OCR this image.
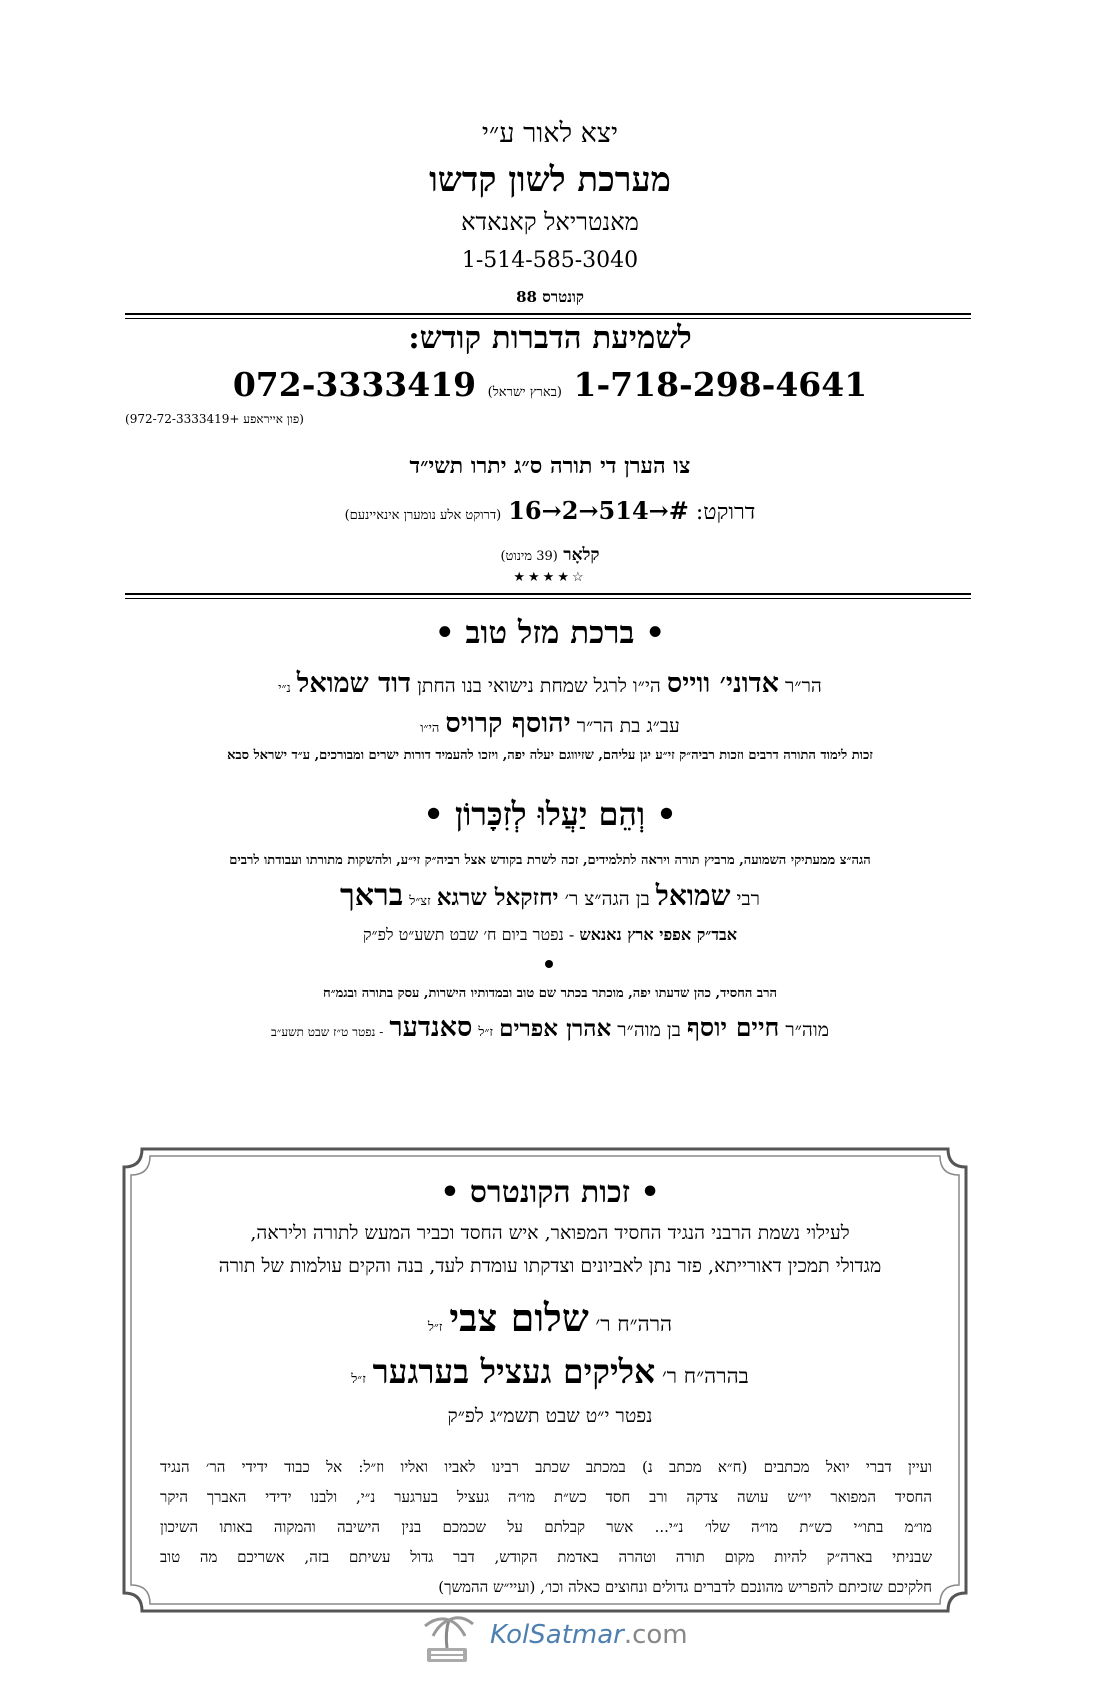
יצא לאור ע״י
מערכת לשון קדשו
מאנטריאל קאנאדא
1-514-585-3040
קונטרס 88
לשמיעת הדברות קודש:
1-718-298-4641 (בארץ ישראל) 072-3333419
(פון אייראפע +972-72-3333419)
צו הערן די תורה ס״ג יתרו תשי״ד
דרוקט: 16→2→514→# (דרוקט אלע נומערן אינאיינעם)
קלאָר (39 מינוט)
★★★★☆
• ברכת מזל טוב •
הר״ר אדוני׳ ווייס הי״ו לרגל שמחת נישואי בנו החתן דוד שמואל נ״י
עב״ג בת הר״ר יהוסף קרויס הי״ו
זכות לימוד התורה דרבים וזכות רביה״ק זי״ע יגן עליהם, שזיווגם יעלה יפה, ויזכו להעמיד דורות ישרים ומבורכים, ע״ד ישראל סבא
• וְהֵם יַעֲלוּ לְזִכָּרוֹן •
הגה״צ ממעתיקי השמועה, מרביץ תורה ויראה לתלמידים, זכה לשרת בקודש אצל רביה״ק זי״ע, ולהשקות מתורתו ועבודתו לרבים
רבי שמואל בן הגה״צ ר׳ יחזקאל שרגא זצ״ל בראך
אבד״ק אפפי ארץ נאנאש - נפטר ביום ח׳ שבט תשע״ט לפ״ק
הרב החסיד, כהן שדעתו יפה, מוכתר בכתר שם טוב ובמדותיו הישרות, עסק בתורה ובגמ״ח
מוה״ר חיים יוסף בן מוה״ר אהרן אפרים ז״ל סאנדער - נפטר ט״ז שבט תשע״ב
• זכות הקונטרס •
לעילוי נשמת הרבני הנגיד החסיד המפואר, איש החסד וכביר המעש לתורה וליראה,
מגדולי תמכין דאורייתא, פזר נתן לאביונים וצדקתו עומדת לעד, בנה והקים עולמות של תורה
הרה״ח ר׳ שלום צבי ז״ל
בהרה״ח ר׳ אליקים געציל בערגער ז״ל
נפטר י״ט שבט תשמ״ג לפ״ק
ועיין דברי יואל מכתבים (ח״א מכתב נ) במכתב שכתב רבינו לאביו ואליו וז״ל: אל כבוד ידידי הר׳ הנגיד
החסיד המפואר יו״ש עושה צדקה ורב חסד כש״ת מו״ה געציל בערגער נ״י, ולבנו ידידי האברך היקר
מו״מ בתו״י כש״ת מו״ה שלו׳ נ״י... אשר קבלתם על שכמכם בנין הישיבה והמקוה באותו השיכון
שבניתי בארה״ק להיות מקום תורה וטהרה באדמת הקודש, דבר גדול עשיתם בזה, אשריכם מה טוב
חלקיכם שזכיתם להפריש מהונכם לדברים גדולים ונחוצים כאלה וכו׳, (ועיי״ש ההמשך)
KolSatmar.com
